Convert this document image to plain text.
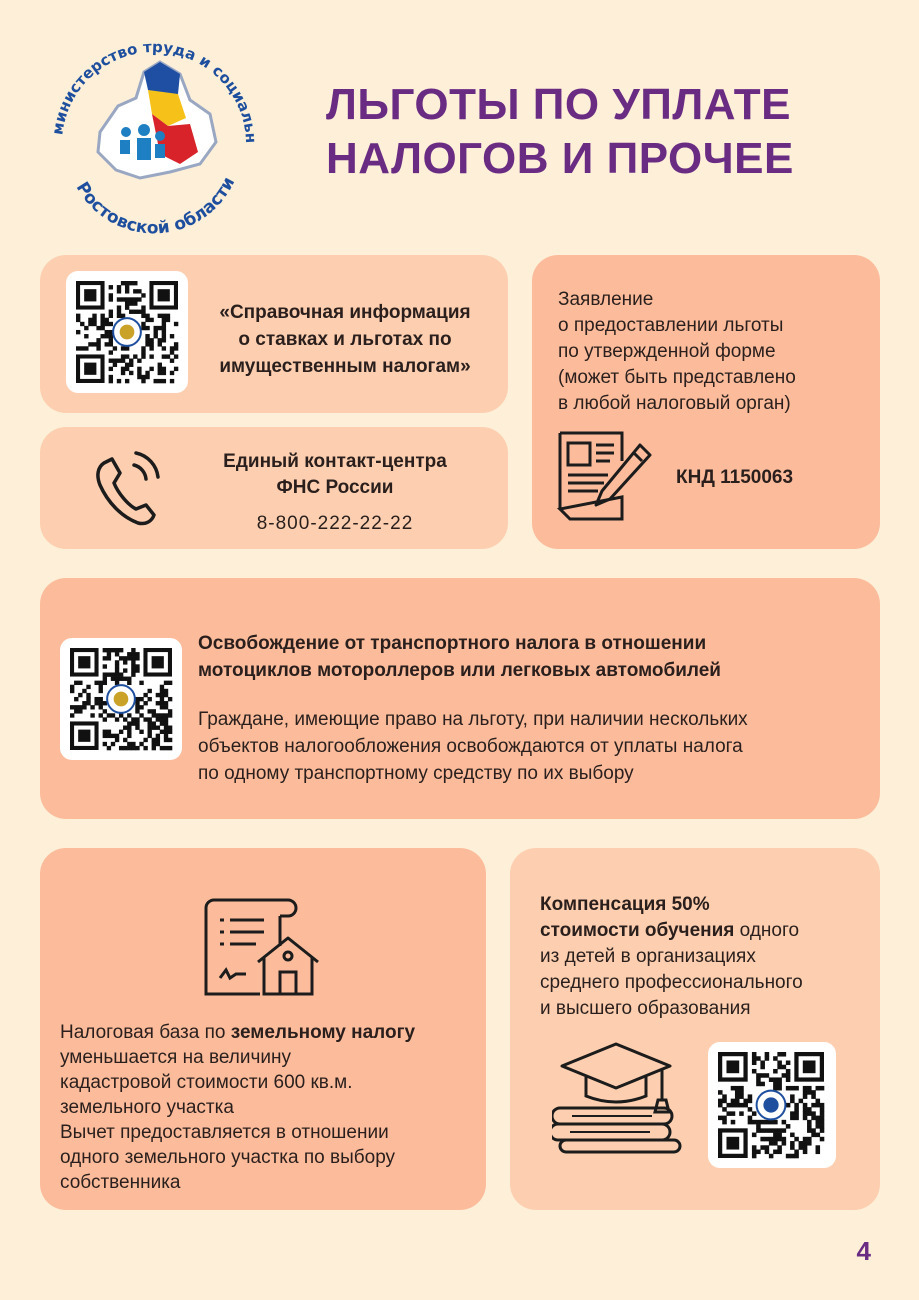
министерство труда и социальн
Ростовской области
ЛЬГОТЫ ПО УПЛАТЕ
НАЛОГОВ И ПРОЧЕЕ
«Справочная информация
о ставках и льготах по
имущественным налогам»
Единый контакт-центра
ФНС России
8-800-222-22-22
Заявление
о предоставлении льготы
по утвержденной форме
(может быть представлено
в любой налоговый орган)
КНД 1150063
Освобождение от транспортного налога в отношении
мотоциклов мотороллеров или легковых автомобилей
Граждане, имеющие право на льготу, при наличии нескольких
объектов налогообложения освобождаются от уплаты налога
по одному транспортному средству по их выбору
Налоговая база по земельному налогу
уменьшается на величину
кадастровой стоимости 600 кв.м.
земельного участка
Вычет предоставляется в отношении
одного земельного участка по выбору
собственника
Компенсация 50%
стоимости обучения одного
из детей в организациях
среднего профессионального
и высшего образования
4
